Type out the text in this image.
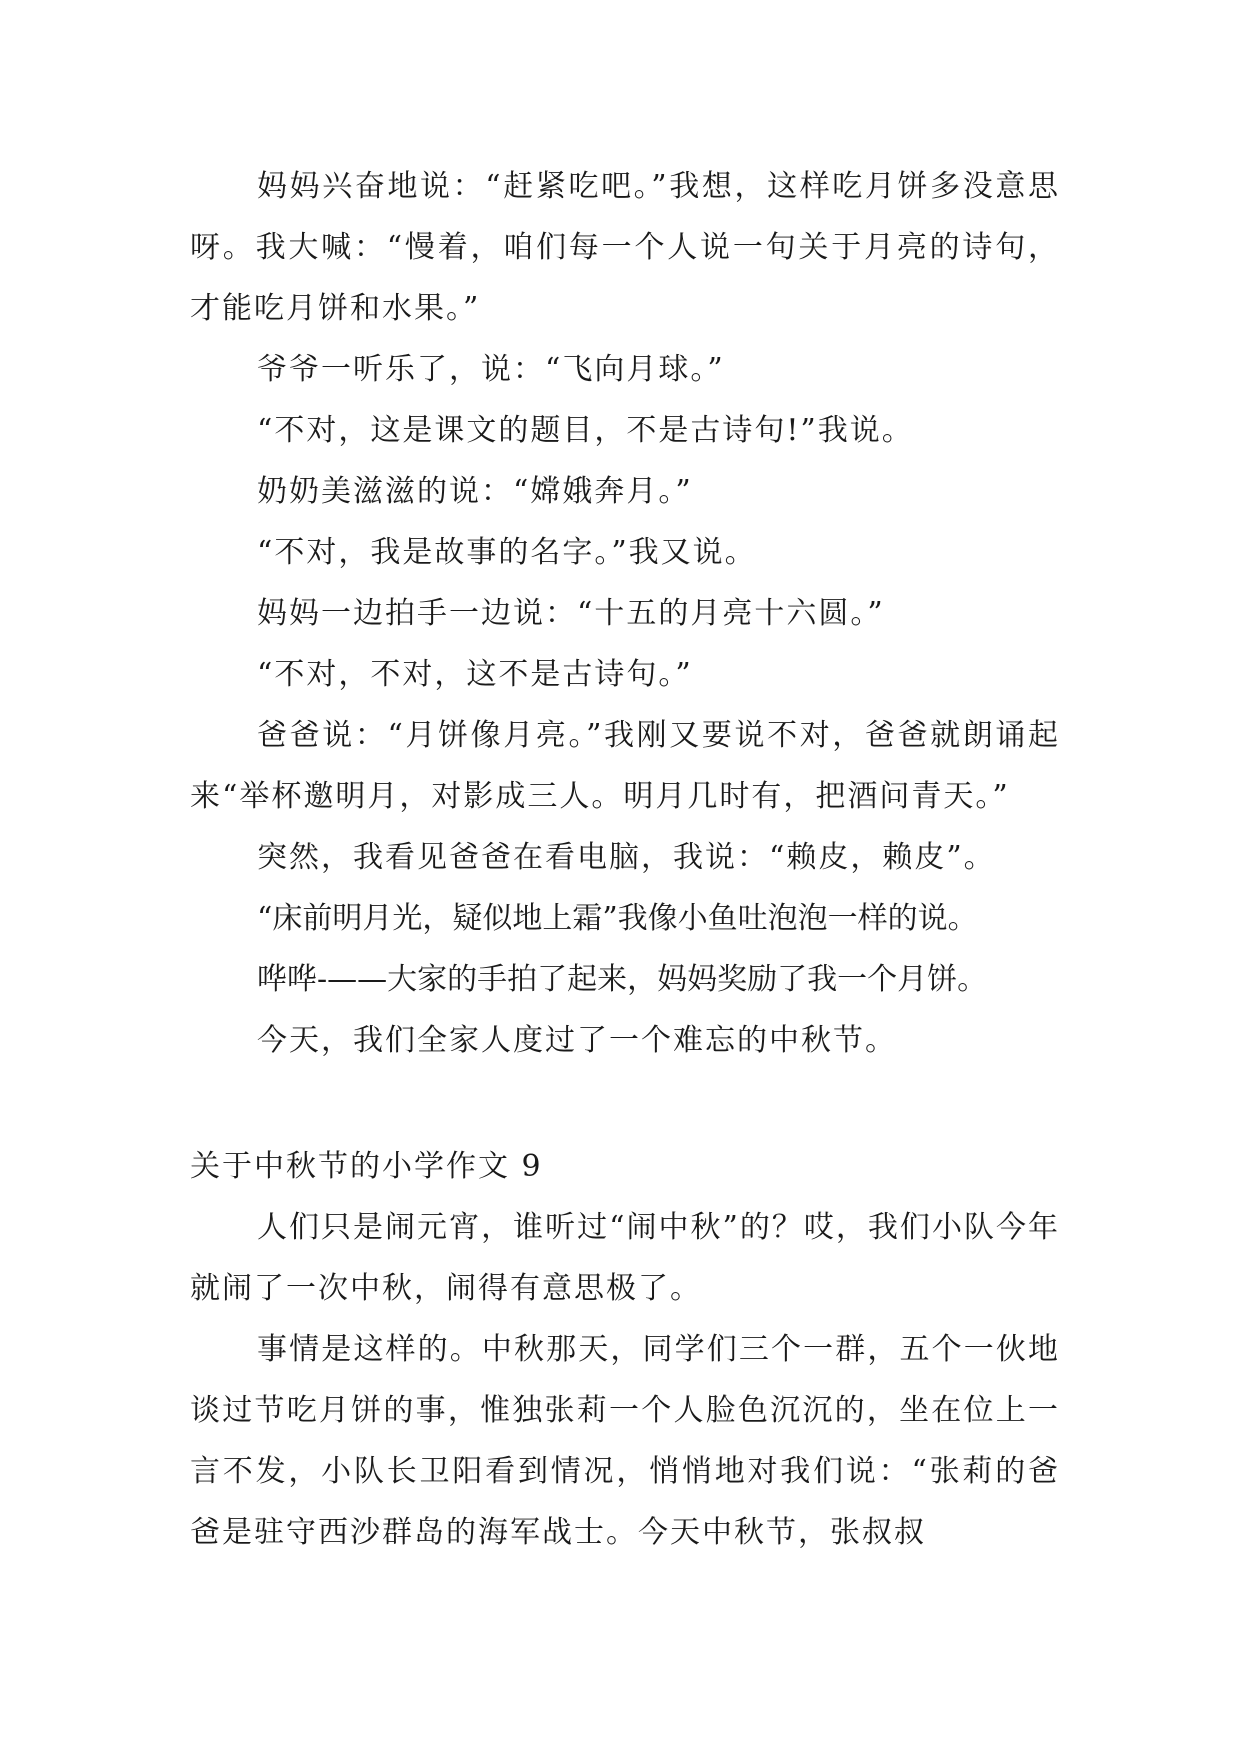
妈妈兴奋地说：“赶紧吃吧。”我想，这样吃月饼多没意思呀。我大喊：“慢着，咱们每一个人说一句关于月亮的诗句，才能吃月饼和水果。”

爷爷一听乐了，说：“飞向月球。”

“不对，这是课文的题目，不是古诗句!”我说。

奶奶美滋滋的说：“嫦娥奔月。”

“不对，我是故事的名字。”我又说。

妈妈一边拍手一边说：“十五的月亮十六圆。”

“不对，不对，这不是古诗句。”

爸爸说：“月饼像月亮。”我刚又要说不对，爸爸就朗诵起来“举杯邀明月，对影成三人。明月几时有，把酒问青天。”

突然，我看见爸爸在看电脑，我说：“赖皮，赖皮”。

“床前明月光，疑似地上霜”我像小鱼吐泡泡一样的说。

哗哗-——大家的手拍了起来，妈妈奖励了我一个月饼。

今天，我们全家人度过了一个难忘的中秋节。

关于中秋节的小学作文 9

人们只是闹元宵，谁听过“闹中秋”的？哎，我们小队今年就闹了一次中秋，闹得有意思极了。

事情是这样的。中秋那天，同学们三个一群，五个一伙地谈过节吃月饼的事，惟独张莉一个人脸色沉沉的，坐在位上一言不发，小队长卫阳看到情况，悄悄地对我们说：“张莉的爸爸是驻守西沙群岛的海军战士。今天中秋节，张叔叔
